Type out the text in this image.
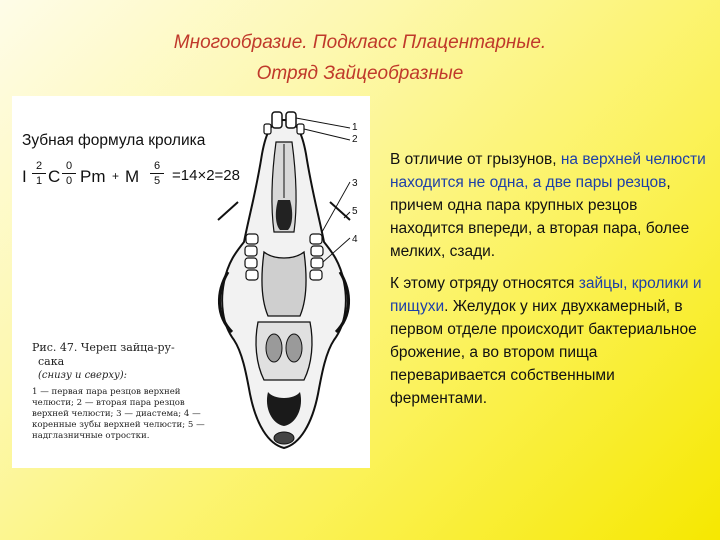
Многообразие. Подкласс Плацентарные.
Отряд Зайцеобразные
Зубная формула кролика
I $\frac{2}{1}$ C $\frac{0}{0}$ Pm + M $\frac{6}{5} =14\times 2=28$
Рис. 47. Череп зайца-ру-
сака
(снизу и сверху):
1 — первая пара резцов верхней челюсти; 2 — вторая пара резцов верхней челюсти; 3 — диастема; 4 — коренные зубы верхней челюсти; 5 — надглазничные отростки.
1
2
3
4
5

В отличие от грызунов, на верхней челюсти находится не одна, а две пары резцов, причем одна пара крупных резцов находится впереди, а вторая пара, более мелких, сзади.

К этому отряду относятся зайцы, кролики и пищухи. Желудок у них двухкамерный, в первом отделе происходит бактериальное брожение, а во втором пища переваривается собственными ферментами.
